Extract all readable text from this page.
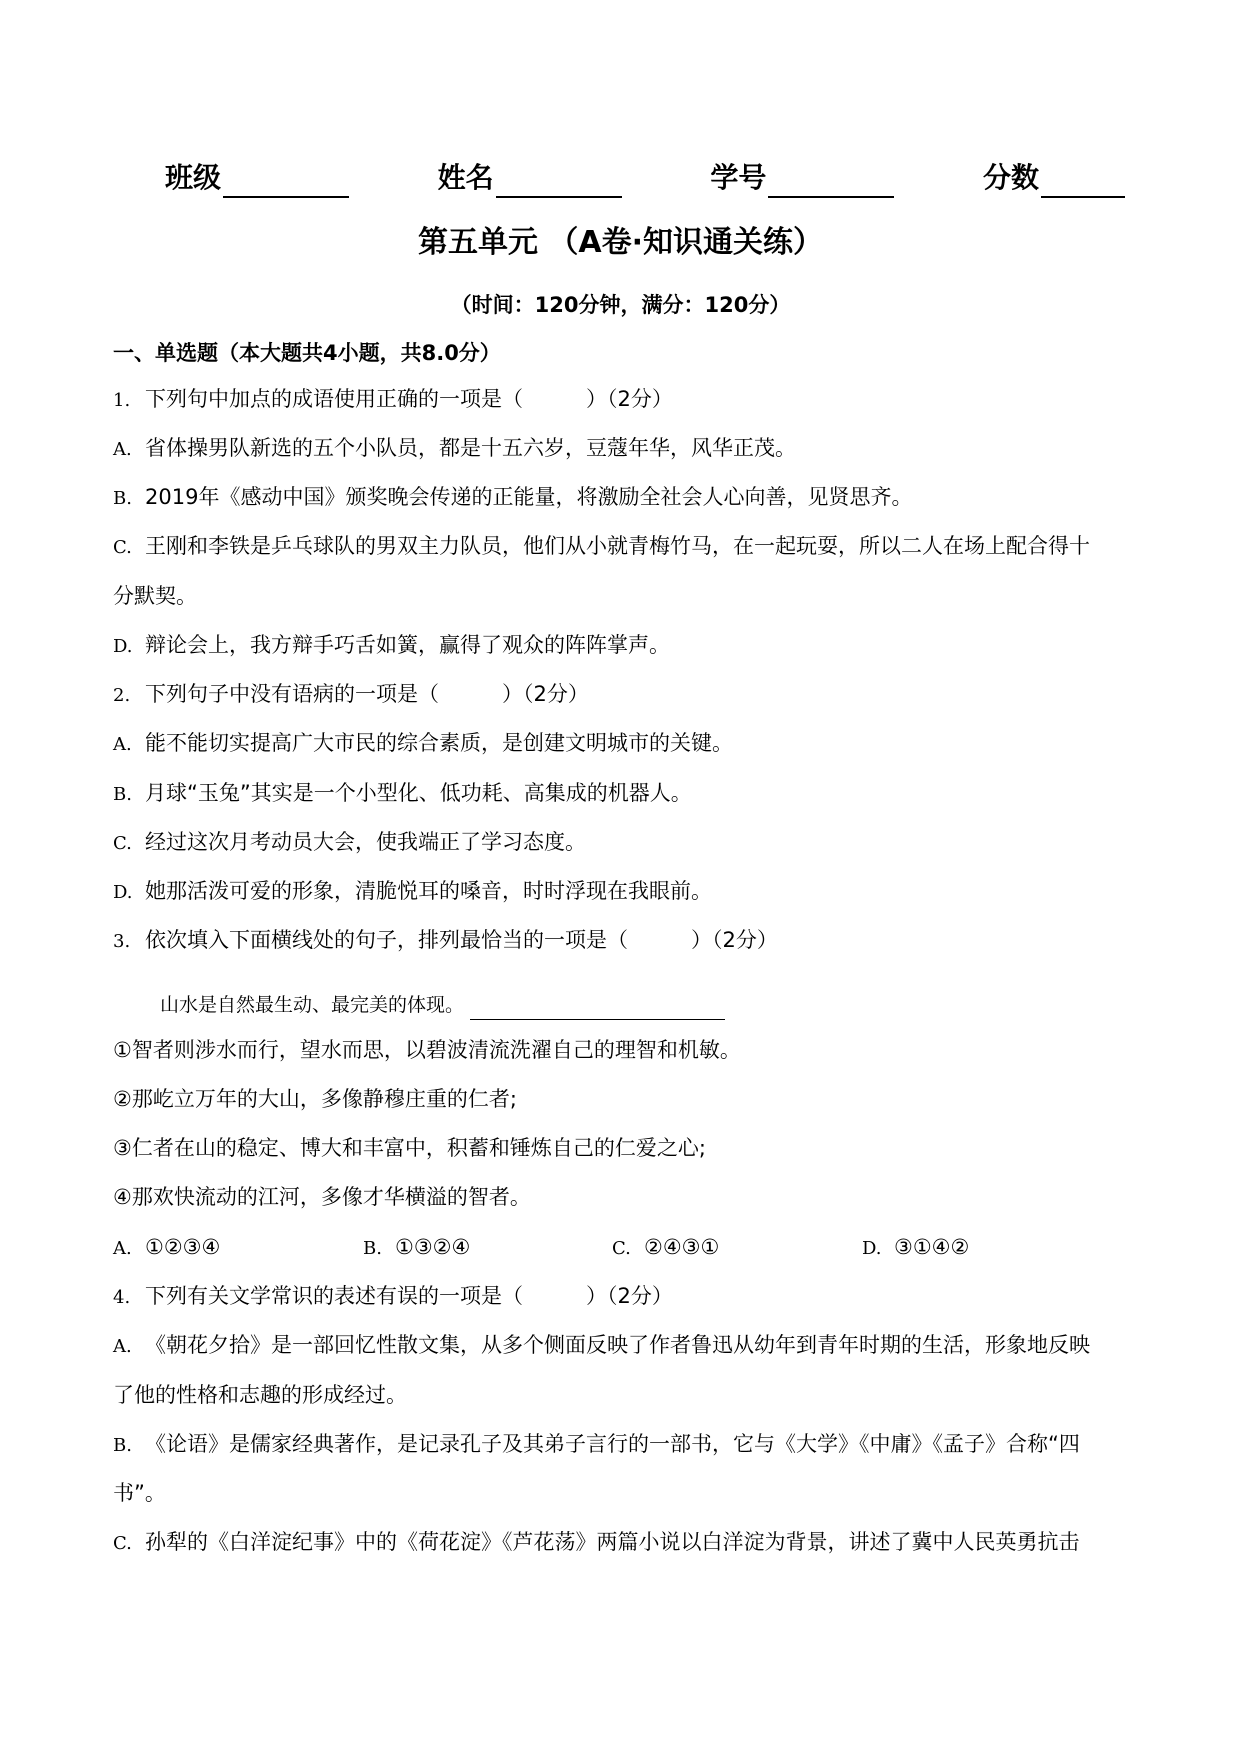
班级	姓名	学号	分数
第五单元 （A卷·知识通关练）
（时间：120分钟，满分：120分）
一、单选题（本大题共4小题，共8.0分）
1. 下列句中加点的成语使用正确的一项是（　　　）（2分）
A. 省体操男队新选的五个小队员，都是十五六岁，豆蔻年华，风华正茂。
B. 2019年《感动中国》颁奖晚会传递的正能量，将激励全社会人心向善，见贤思齐。
C. 王刚和李铁是乒乓球队的男双主力队员，他们从小就青梅竹马，在一起玩耍，所以二人在场上配合得十
分默契。
D. 辩论会上，我方辩手巧舌如簧，赢得了观众的阵阵掌声。
2. 下列句子中没有语病的一项是（　　　）（2分）
A. 能不能切实提高广大市民的综合素质，是创建文明城市的关键。
B. 月球“玉兔”其实是一个小型化、低功耗、高集成的机器人。
C. 经过这次月考动员大会，使我端正了学习态度。
D. 她那活泼可爱的形象，清脆悦耳的嗓音，时时浮现在我眼前。
3. 依次填入下面横线处的句子，排列最恰当的一项是（　　　）（2分）
山水是自然最生动、最完美的体现。
①智者则涉水而行，望水而思，以碧波清流洗濯自己的理智和机敏。
②那屹立万年的大山，多像静穆庄重的仁者;
③仁者在山的稳定、博大和丰富中，积蓄和锤炼自己的仁爱之心;
④那欢快流动的江河，多像才华横溢的智者。
A. ①②③④	B. ①③②④	C. ②④③①	D. ③①④②
4. 下列有关文学常识的表述有误的一项是（　　　）（2分）
A. 《朝花夕拾》是一部回忆性散文集，从多个侧面反映了作者鲁迅从幼年到青年时期的生活，形象地反映
了他的性格和志趣的形成经过。
B. 《论语》是儒家经典著作，是记录孔子及其弟子言行的一部书，它与《大学》《中庸》《孟子》合称“四
书”。
C. 孙犁的《白洋淀纪事》中的《荷花淀》《芦花荡》两篇小说以白洋淀为背景，讲述了冀中人民英勇抗击
